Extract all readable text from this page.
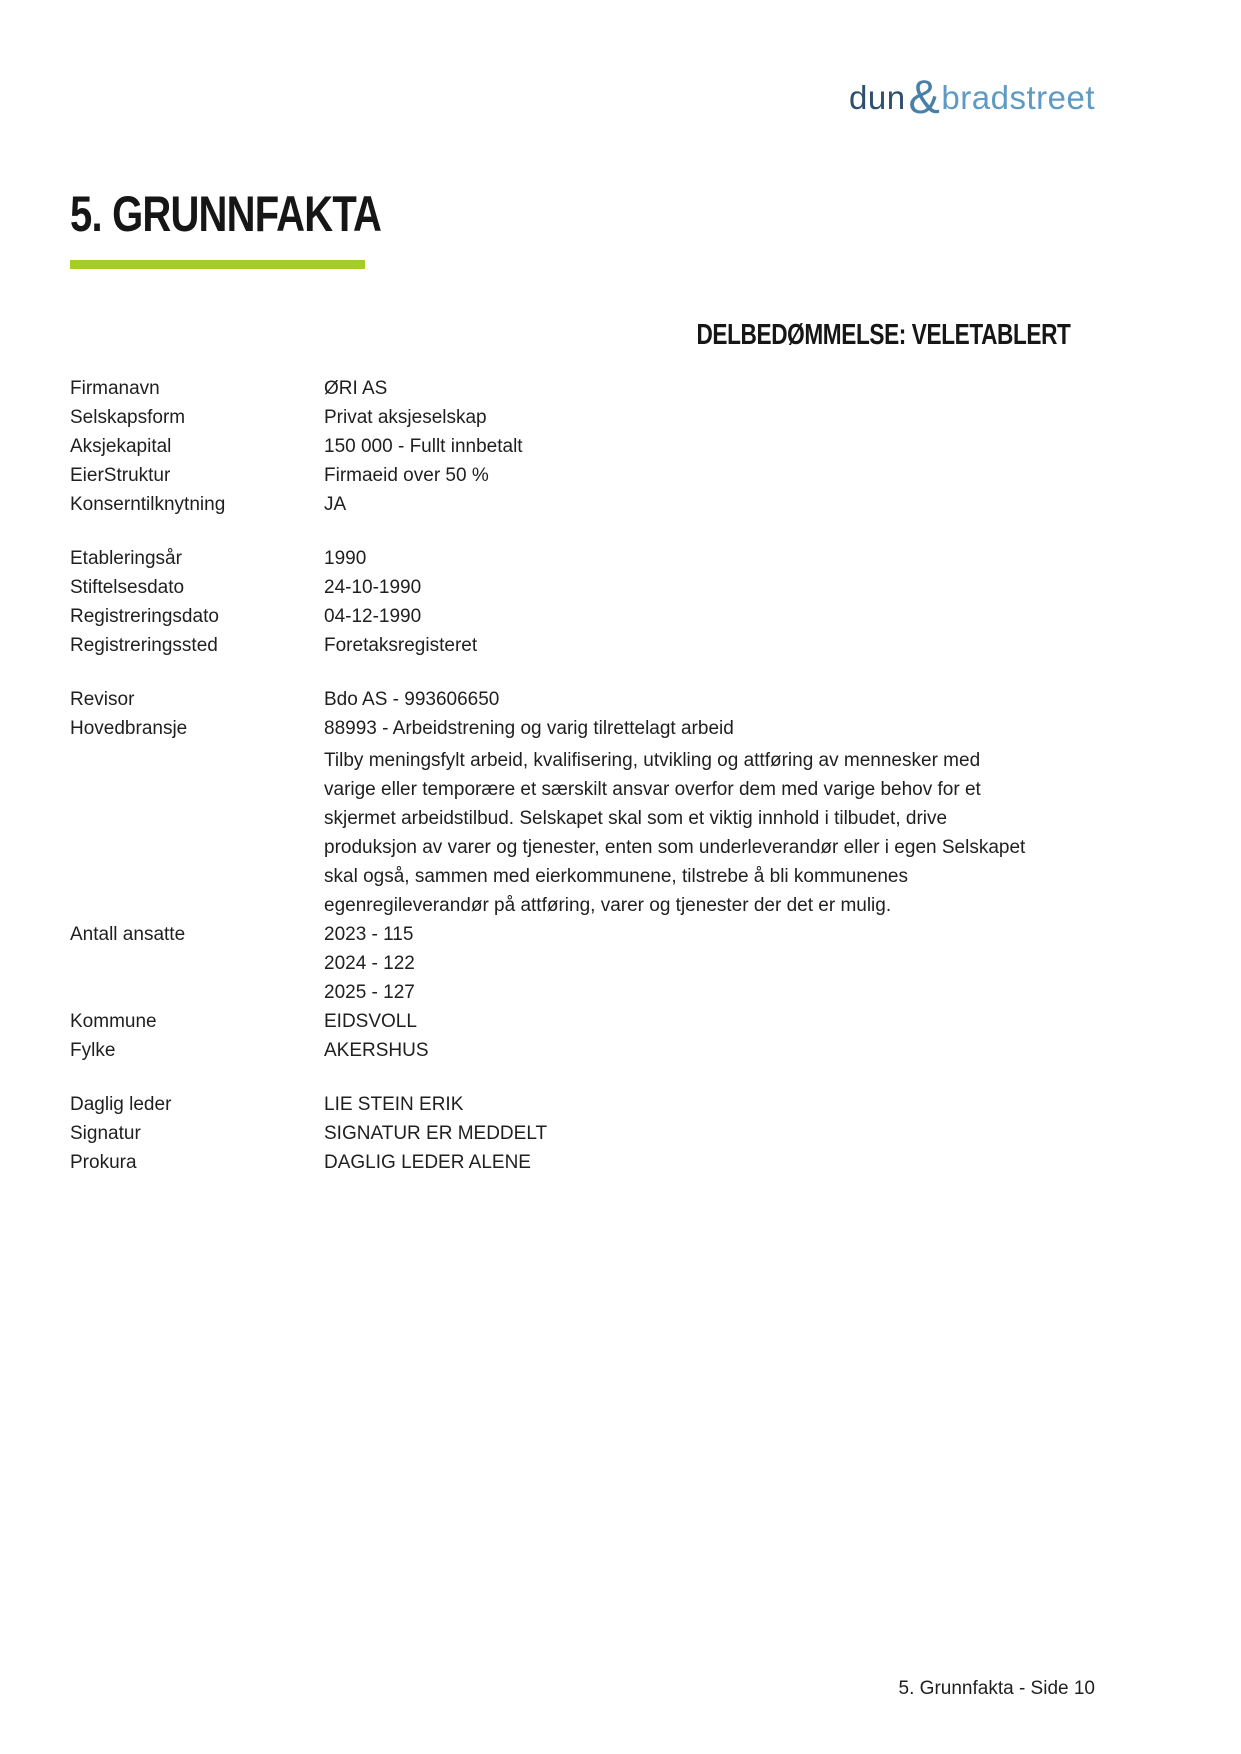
dun & bradstreet
5. GRUNNFAKTA
DELBEDØMMELSE: VELETABLERT
Firmanavn	ØRI AS
Selskapsform	Privat aksjeselskap
Aksjekapital	150 000 - Fullt innbetalt
EierStruktur	Firmaeid over 50 %
Konserntilknytning	JA
Etableringsår	1990
Stiftelsesdato	24-10-1990
Registreringsdato	04-12-1990
Registreringssted	Foretaksregisteret
Revisor	Bdo AS - 993606650
Hovedbransje	88993 - Arbeidstrening og varig tilrettelagt arbeid
Tilby meningsfylt arbeid, kvalifisering, utvikling og attføring av mennesker med varige eller temporære et særskilt ansvar overfor dem med varige behov for et skjermet arbeidstilbud. Selskapet skal som et viktig innhold i tilbudet, drive produksjon av varer og tjenester, enten som underleverandør eller i egen Selskapet skal også, sammen med eierkommunene, tilstrebe å bli kommunenes egenregileverandør på attføring, varer og tjenester der det er mulig.
Antall ansatte	2023 - 115
2024 - 122
2025 - 127
Kommune	EIDSVOLL
Fylke	AKERSHUS
Daglig leder	LIE STEIN ERIK
Signatur	SIGNATUR ER MEDDELT
Prokura	DAGLIG LEDER ALENE
5. Grunnfakta - Side 10
